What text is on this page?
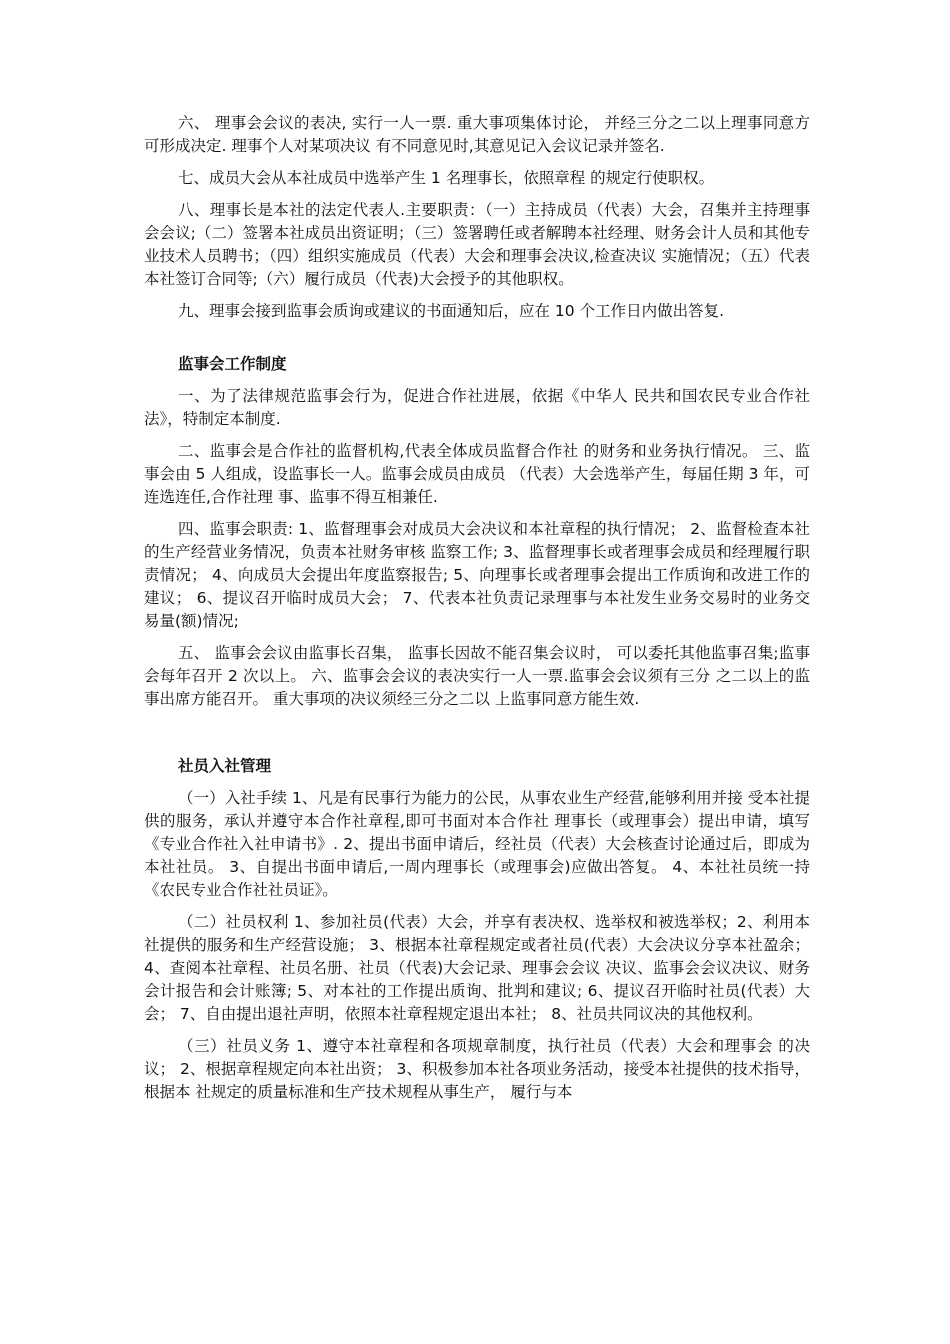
六、 理事会会议的表决, 实行一人一票. 重大事项集体讨论， 并经三分之二以上理事同意方可形成决定. 理事个人对某项决议 有不同意见时,其意见记入会议记录并签名.

七、成员大会从本社成员中选举产生 1 名理事长，依照章程 的规定行使职权。

八、理事长是本社的法定代表人.主要职责：（一）主持成员（代表）大会，召集并主持理事会会议;（二）签署本社成员出资证明；（三）签署聘任或者解聘本社经理、财务会计人员和其他专 业技术人员聘书；（四）组织实施成员（代表）大会和理事会决议,检查决议 实施情况；（五）代表本社签订合同等;（六）履行成员（代表)大会授予的其他职权。

九、理事会接到监事会质询或建议的书面通知后，应在 10 个工作日内做出答复.

监事会工作制度

一、为了法律规范监事会行为，促进合作社进展，依据《中华人 民共和国农民专业合作社法》，特制定本制度.

二、监事会是合作社的监督机构,代表全体成员监督合作社 的财务和业务执行情况。 三、监事会由 5 人组成，设监事长一人。监事会成员由成员 （代表）大会选举产生，每届任期 3 年，可连选连任,合作社理 事、监事不得互相兼任.

四、监事会职责: 1、监督理事会对成员大会决议和本社章程的执行情况； 2、监督检查本社的生产经营业务情况，负责本社财务审核 监察工作; 3、监督理事长或者理事会成员和经理履行职责情况； 4、向成员大会提出年度监察报告; 5、向理事长或者理事会提出工作质询和改进工作的建议； 6、提议召开临时成员大会； 7、代表本社负责记录理事与本社发生业务交易时的业务交 易量(额)情况;

五、 监事会会议由监事长召集， 监事长因故不能召集会议时， 可以委托其他监事召集;监事会每年召开 2 次以上。 六、监事会会议的表决实行一人一票.监事会会议须有三分 之二以上的监事出席方能召开。 重大事项的决议须经三分之二以 上监事同意方能生效.

社员入社管理

（一）入社手续 1、凡是有民事行为能力的公民，从事农业生产经营,能够利用并接 受本社提供的服务，承认并遵守本合作社章程,即可书面对本合作社 理事长（或理事会）提出申请，填写《专业合作社入社申请书》. 2、提出书面申请后，经社员（代表）大会核查讨论通过后，即成为 本社社员。 3、自提出书面申请后,一周内理事长（或理事会)应做出答复。 4、本社社员统一持《农民专业合作社社员证》。

（二）社员权利 1、参加社员(代表）大会，并享有表决权、选举权和被选举权；2、利用本社提供的服务和生产经营设施； 3、根据本社章程规定或者社员(代表）大会决议分享本社盈余； 4、查阅本社章程、社员名册、社员（代表)大会记录、理事会会议 决议、监事会会议决议、财务会计报告和会计账簿; 5、对本社的工作提出质询、批判和建议; 6、提议召开临时社员(代表）大会； 7、自由提出退社声明，依照本社章程规定退出本社； 8、社员共同议决的其他权利。

（三）社员义务 1、遵守本社章程和各项规章制度，执行社员（代表）大会和理事会 的决议； 2、根据章程规定向本社出资； 3、积极参加本社各项业务活动，接受本社提供的技术指导，根据本 社规定的质量标准和生产技术规程从事生产， 履行与本
